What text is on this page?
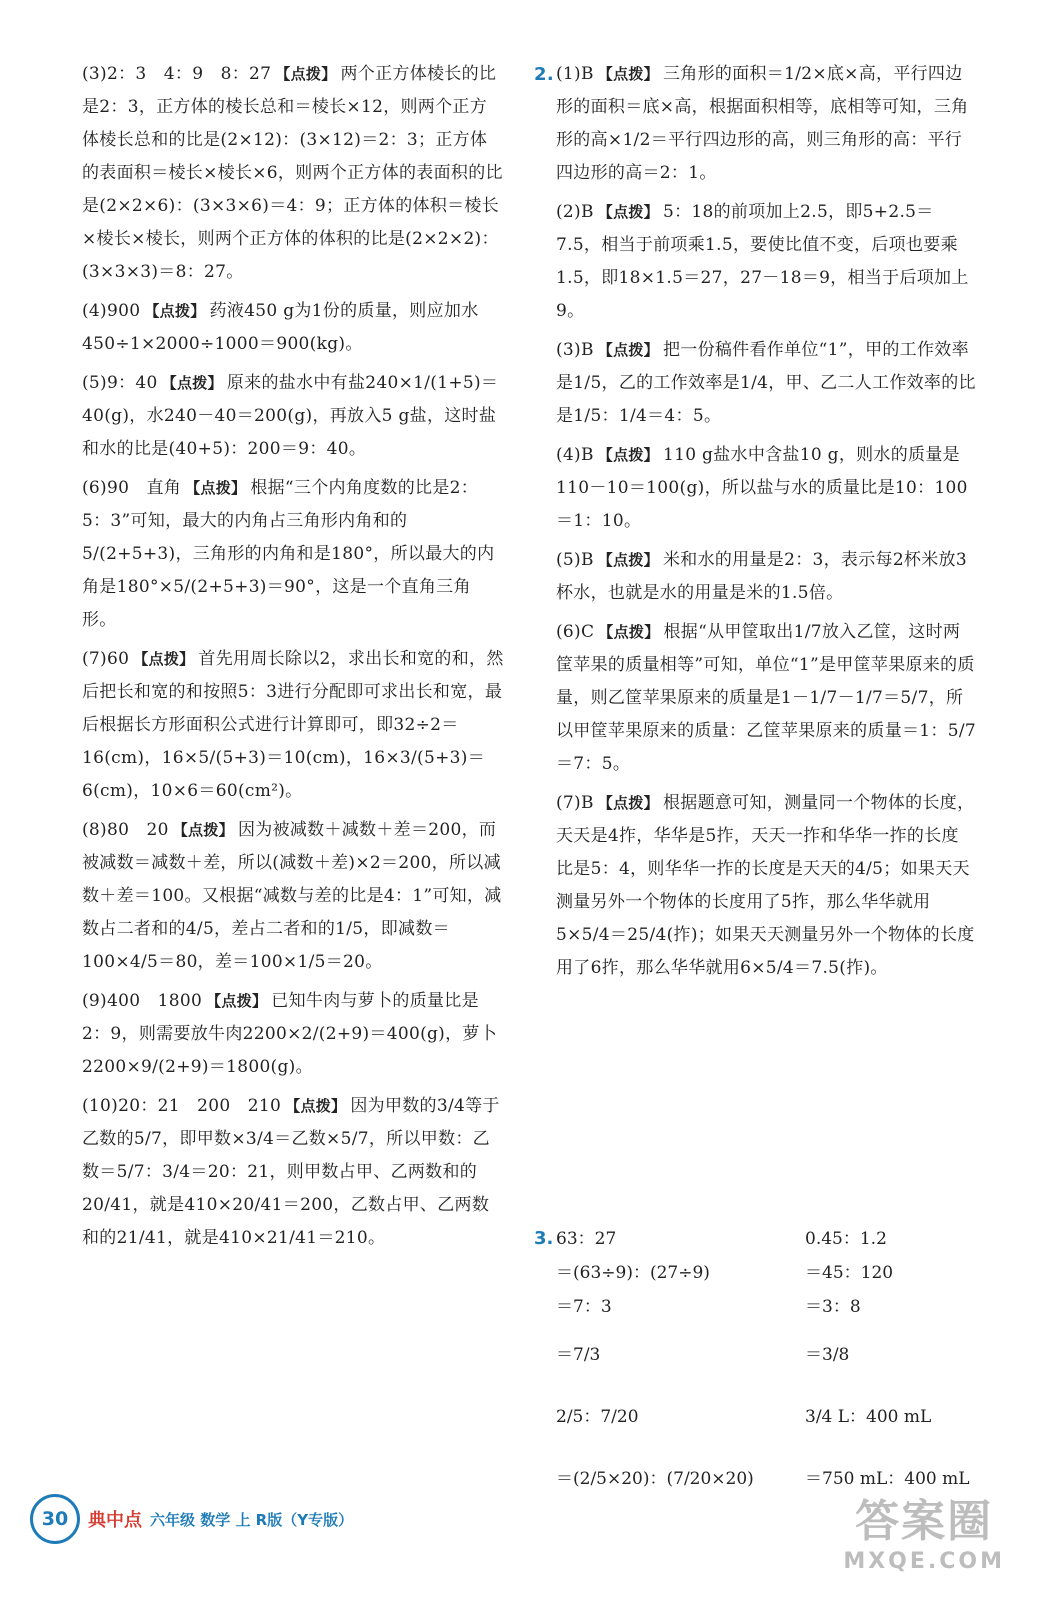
(3)2：3　4：9　8：27 【点拨】 两个正方体棱长的比是2：3，正方体的棱长总和＝棱长×12，则两个正方体棱长总和的比是(2×12)：(3×12)＝2：3；正方体的表面积＝棱长×棱长×6，则两个正方体的表面积的比是(2×2×6)：(3×3×6)＝4：9；正方体的体积＝棱长×棱长×棱长，则两个正方体的体积的比是(2×2×2)：(3×3×3)＝8：27。

(4)900 【点拨】 药液450 g为1份的质量，则应加水450÷1×2000÷1000＝900(kg)。

(5)9：40 【点拨】 原来的盐水中有盐240×1/(1+5)＝40(g)，水240－40＝200(g)，再放入5 g盐，这时盐和水的比是(40+5)：200＝9：40。

(6)90　直角 【点拨】 根据“三个内角度数的比是2：5：3”可知，最大的内角占三角形内角和的5/(2+5+3)，三角形的内角和是180°，所以最大的内角是180°×5/(2+5+3)＝90°，这是一个直角三角形。

(7)60 【点拨】 首先用周长除以2，求出长和宽的和，然后把长和宽的和按照5：3进行分配即可求出长和宽，最后根据长方形面积公式进行计算即可，即32÷2＝16(cm)，16×5/(5+3)＝10(cm)，16×3/(5+3)＝6(cm)，10×6＝60(cm²)。

(8)80　20 【点拨】 因为被减数＋减数＋差＝200，而被减数＝减数＋差，所以(减数＋差)×2＝200，所以减数＋差＝100。又根据“减数与差的比是4：1”可知，减数占二者和的4/5，差占二者和的1/5，即减数＝100×4/5＝80，差＝100×1/5＝20。

(9)400　1800 【点拨】 已知牛肉与萝卜的质量比是2：9，则需要放牛肉2200×2/(2+9)＝400(g)，萝卜2200×9/(2+9)＝1800(g)。

(10)20：21　200　210 【点拨】 因为甲数的3/4等于乙数的5/7，即甲数×3/4＝乙数×5/7，所以甲数：乙数＝5/7：3/4＝20：21，则甲数占甲、乙两数和的20/41，就是410×20/41＝200，乙数占甲、乙两数和的21/41，就是410×21/41＝210。

2. (1)B 【点拨】 三角形的面积＝1/2×底×高，平行四边形的面积＝底×高，根据面积相等，底相等可知，三角形的高×1/2＝平行四边形的高，则三角形的高：平行四边形的高＝2：1。

(2)B 【点拨】 5：18的前项加上2.5，即5+2.5＝7.5，相当于前项乘1.5，要使比值不变，后项也要乘1.5，即18×1.5＝27，27－18＝9，相当于后项加上9。

(3)B 【点拨】 把一份稿件看作单位“1”，甲的工作效率是1/5，乙的工作效率是1/4，甲、乙二人工作效率的比是1/5：1/4＝4：5。

(4)B 【点拨】 110 g盐水中含盐10 g，则水的质量是110－10＝100(g)，所以盐与水的质量比是10：100＝1：10。

(5)B 【点拨】 米和水的用量是2：3，表示每2杯米放3杯水，也就是水的用量是米的1.5倍。

(6)C 【点拨】 根据“从甲筐取出1/7放入乙筐，这时两筐苹果的质量相等”可知，单位“1”是甲筐苹果原来的质量，则乙筐苹果原来的质量是1－1/7－1/7＝5/7，所以甲筐苹果原来的质量：乙筐苹果原来的质量＝1：5/7＝7：5。

(7)B 【点拨】 根据题意可知，测量同一个物体的长度，天天是4拃，华华是5拃，天天一拃和华华一拃的长度比是5：4，则华华一拃的长度是天天的4/5；如果天天测量另外一个物体的长度用了5拃，那么华华就用5×5/4＝25/4(拃)；如果天天测量另外一个物体的长度用了6拃，那么华华就用6×5/4＝7.5(拃)。

3. 63：27
＝(63÷9)：(27÷9)
＝7：3
＝7/3
2/5：7/20
＝(2/5×20)：(7/20×20)
0.45：1.2
＝45：120
＝3：8
＝3/8
3/4 L：400 mL
＝750 mL：400 mL
30	典中点 六年级 数学 上 R版（Y专版）	答案圈
MXQE.COM
